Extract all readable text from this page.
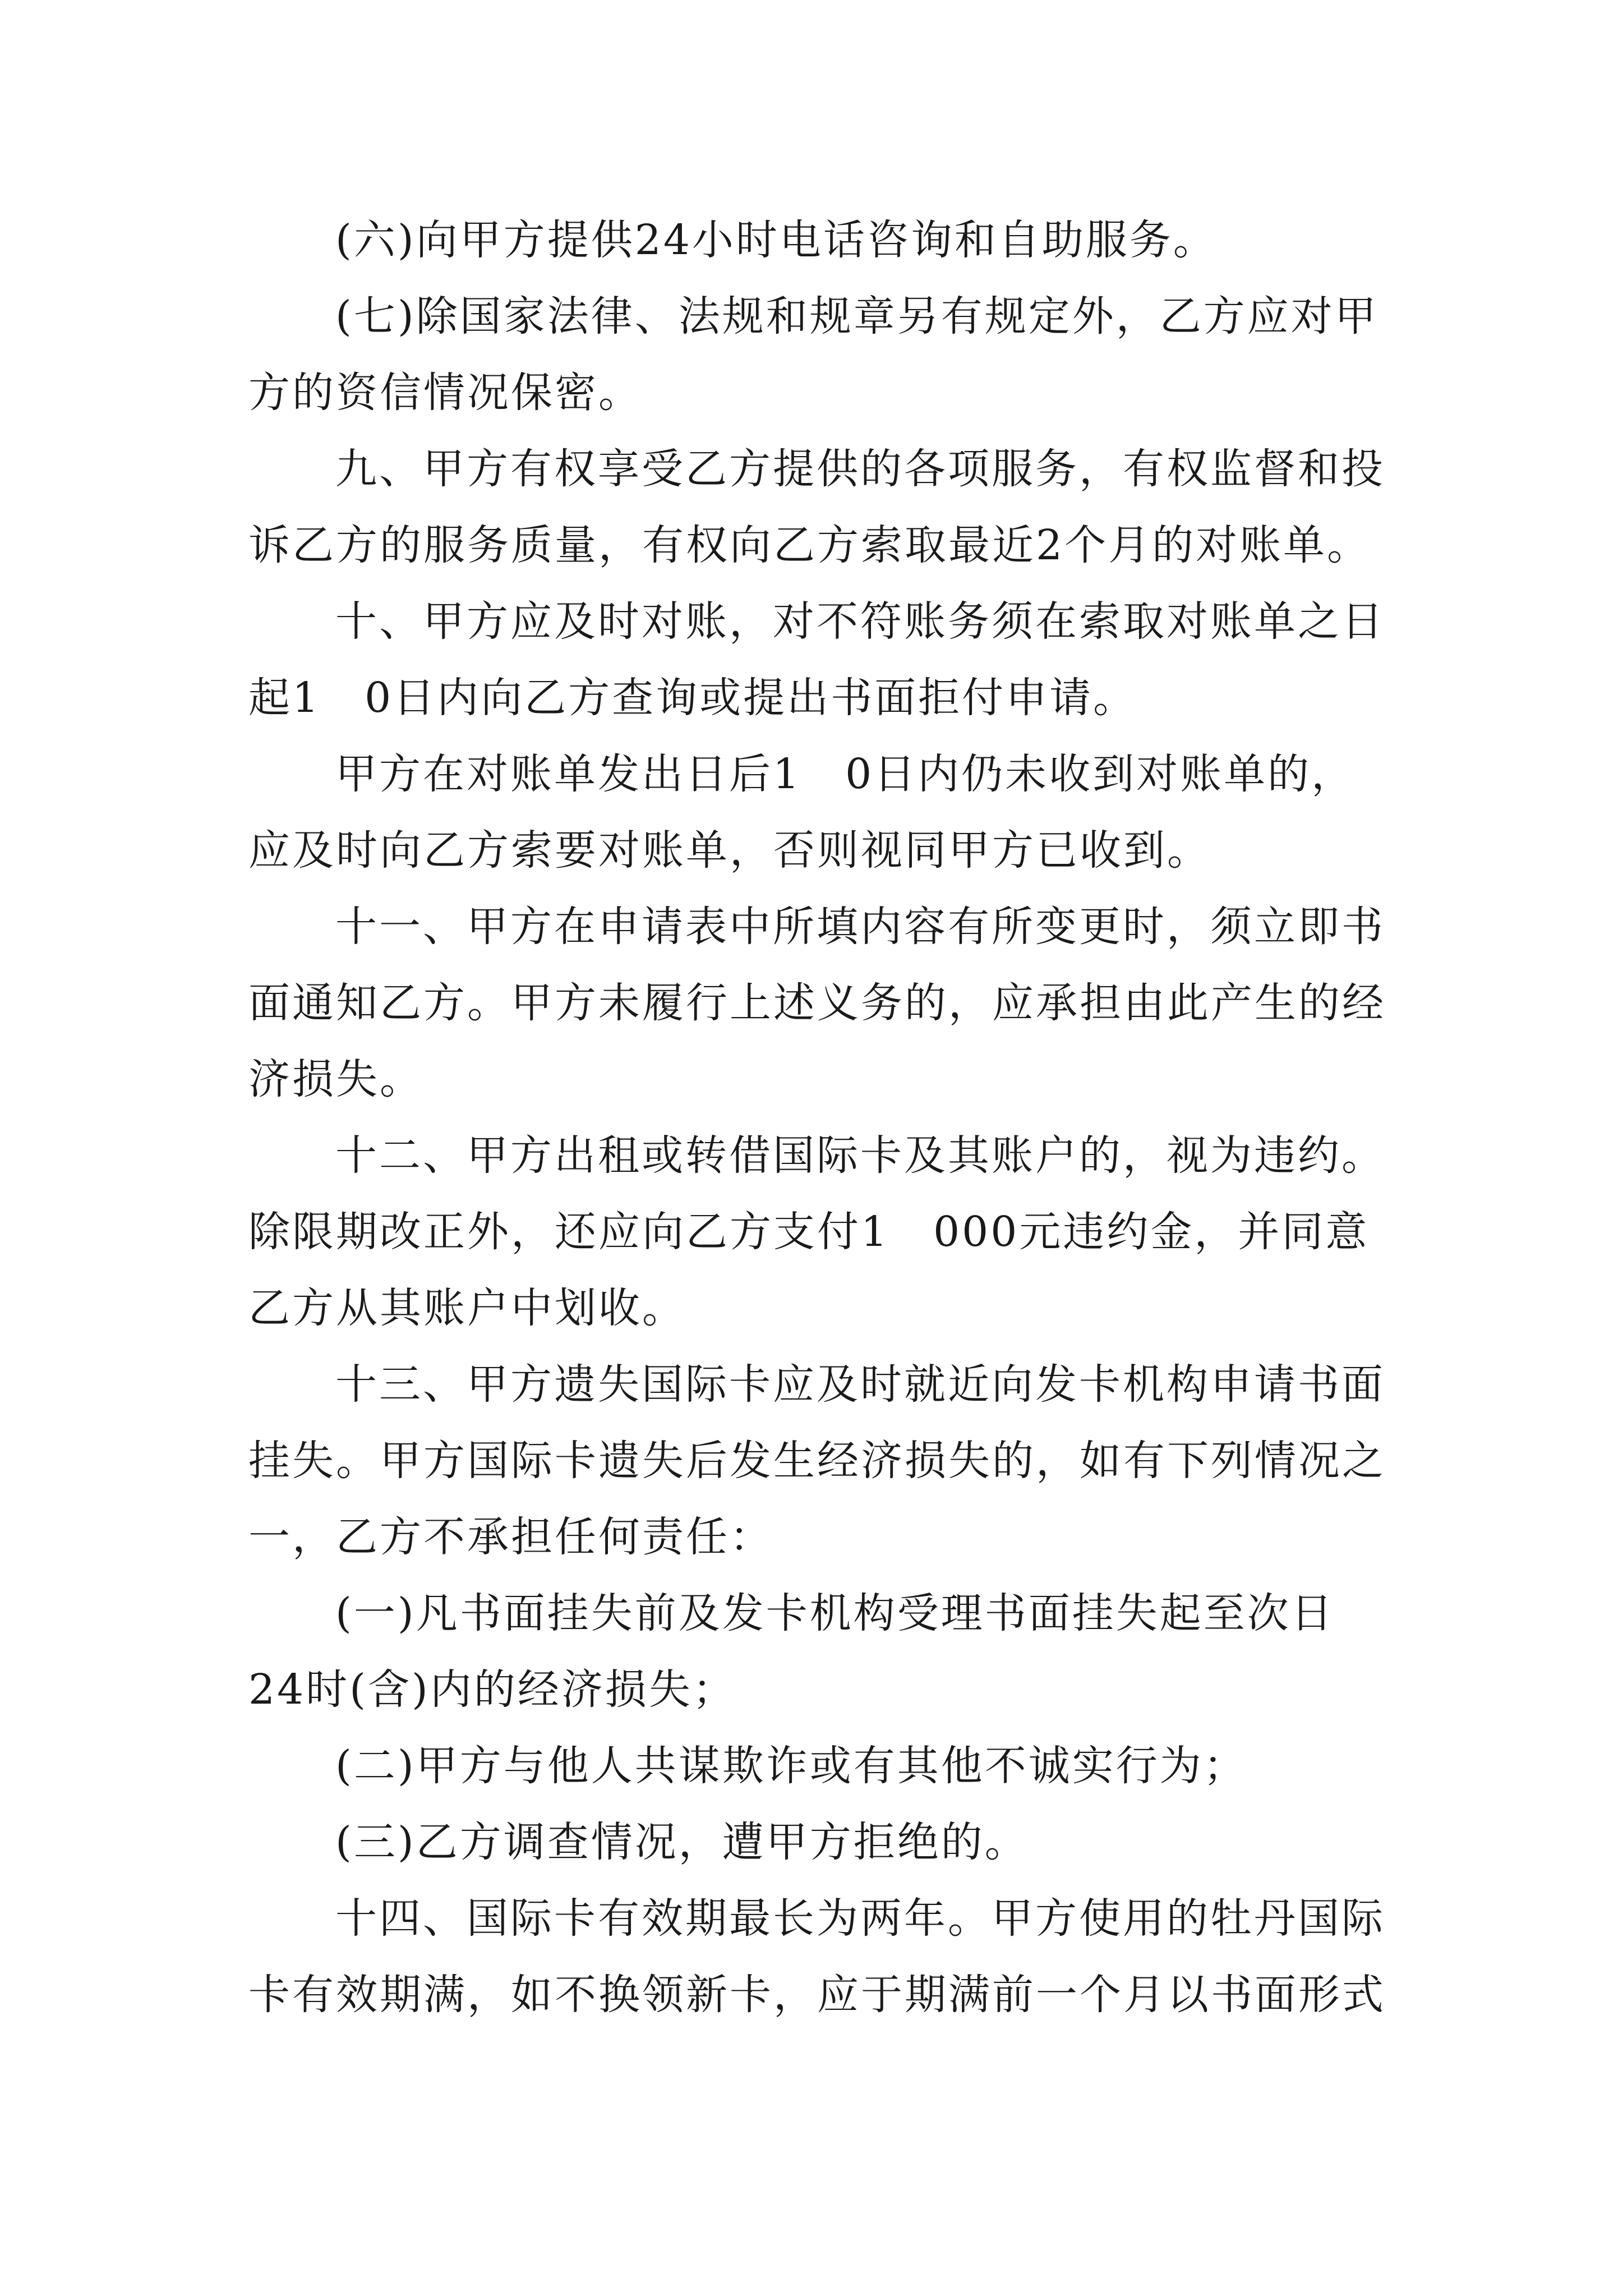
(六)向甲方提供24小时电话咨询和自助服务。
(七)除国家法律、法规和规章另有规定外，乙方应对甲
方的资信情况保密。
九、甲方有权享受乙方提供的各项服务，有权监督和投
诉乙方的服务质量，有权向乙方索取最近2个月的对账单。
十、甲方应及时对账，对不符账务须在索取对账单之日
起1　0日内向乙方查询或提出书面拒付申请。
甲方在对账单发出日后1　0日内仍未收到对账单的，
应及时向乙方索要对账单，否则视同甲方已收到。
十一、甲方在申请表中所填内容有所变更时，须立即书
面通知乙方。甲方未履行上述义务的，应承担由此产生的经
济损失。
十二、甲方出租或转借国际卡及其账户的，视为违约。
除限期改正外，还应向乙方支付1　000元违约金，并同意
乙方从其账户中划收。
十三、甲方遗失国际卡应及时就近向发卡机构申请书面
挂失。甲方国际卡遗失后发生经济损失的，如有下列情况之
一，乙方不承担任何责任：
(一)凡书面挂失前及发卡机构受理书面挂失起至次日
24时(含)内的经济损失；
(二)甲方与他人共谋欺诈或有其他不诚实行为；
(三)乙方调查情况，遭甲方拒绝的。
十四、国际卡有效期最长为两年。甲方使用的牡丹国际
卡有效期满，如不换领新卡，应于期满前一个月以书面形式
